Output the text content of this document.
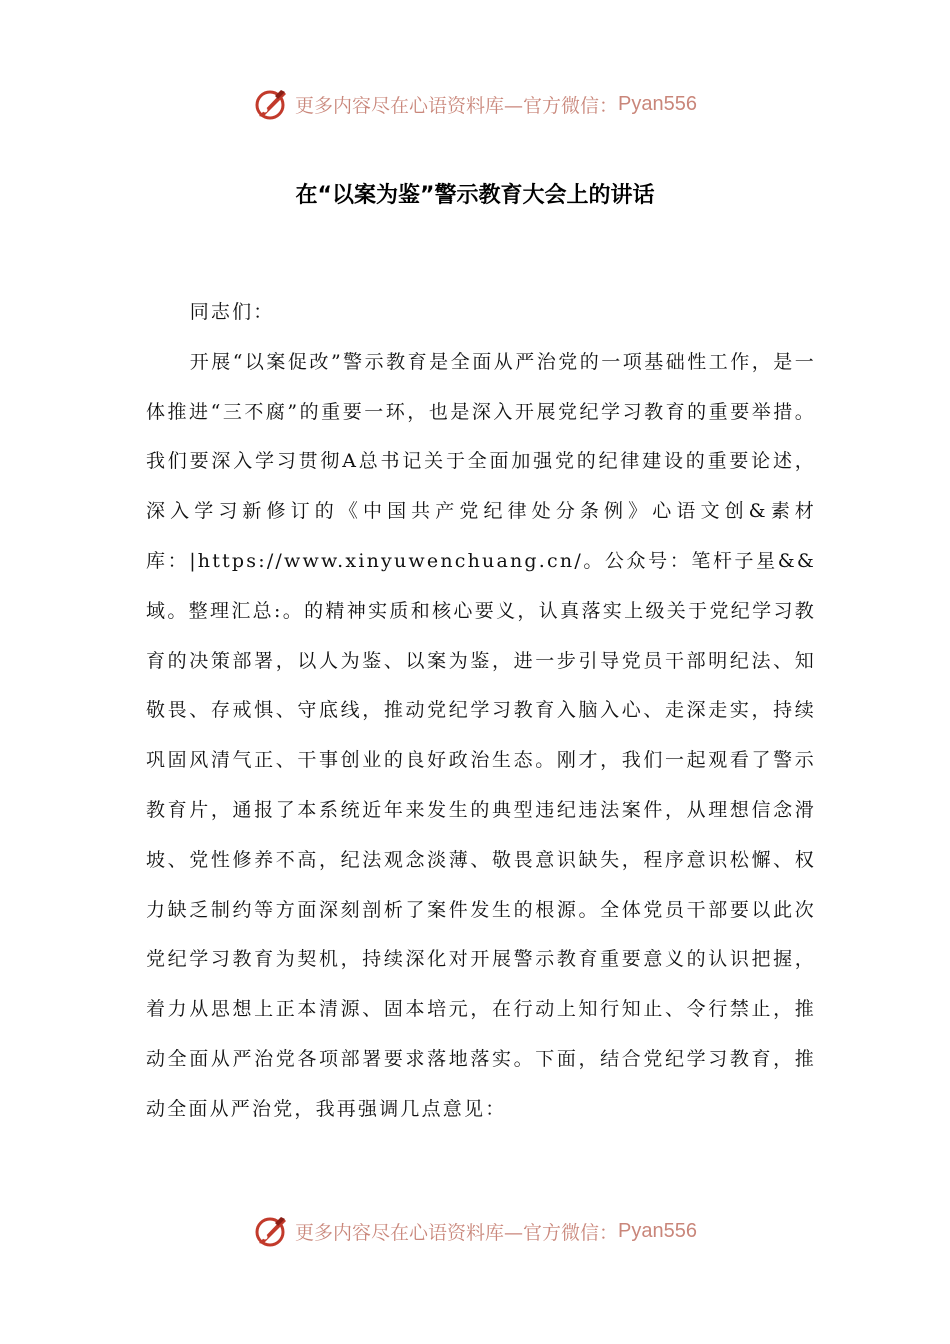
更多内容尽在心语资料库—官方微信： Pyan556
在“以案为鉴”警示教育大会上的讲话

同志们：

开展“以案促改”警示教育是全面从严治党的一项基础性工作，是一体推进“三不腐”的重要一环，也是深入开展党纪学习教育的重要举措。我们要深入学习贯彻A总书记关于全面加强党的纪律建设的重要论述，深入学习新修订的《中国共产党纪律处分条例》心语文创&素材库：|https://www.xinyuwenchuang.cn/。公众号：笔杆子星&&域。整理汇总:。的精神实质和核心要义，认真落实上级关于党纪学习教育的决策部署，以人为鉴、以案为鉴，进一步引导党员干部明纪法、知敬畏、存戒惧、守底线，推动党纪学习教育入脑入心、走深走实，持续巩固风清气正、干事创业的良好政治生态。刚才，我们一起观看了警示教育片，通报了本系统近年来发生的典型违纪违法案件，从理想信念滑坡、党性修养不高，纪法观念淡薄、敬畏意识缺失，程序意识松懈、权力缺乏制约等方面深刻剖析了案件发生的根源。全体党员干部要以此次党纪学习教育为契机，持续深化对开展警示教育重要意义的认识把握，着力从思想上正本清源、固本培元，在行动上知行知止、令行禁止，推动全面从严治党各项部署要求落地落实。下面，结合党纪学习教育，推动全面从严治党，我再强调几点意见：

更多内容尽在心语资料库—官方微信： Pyan556
